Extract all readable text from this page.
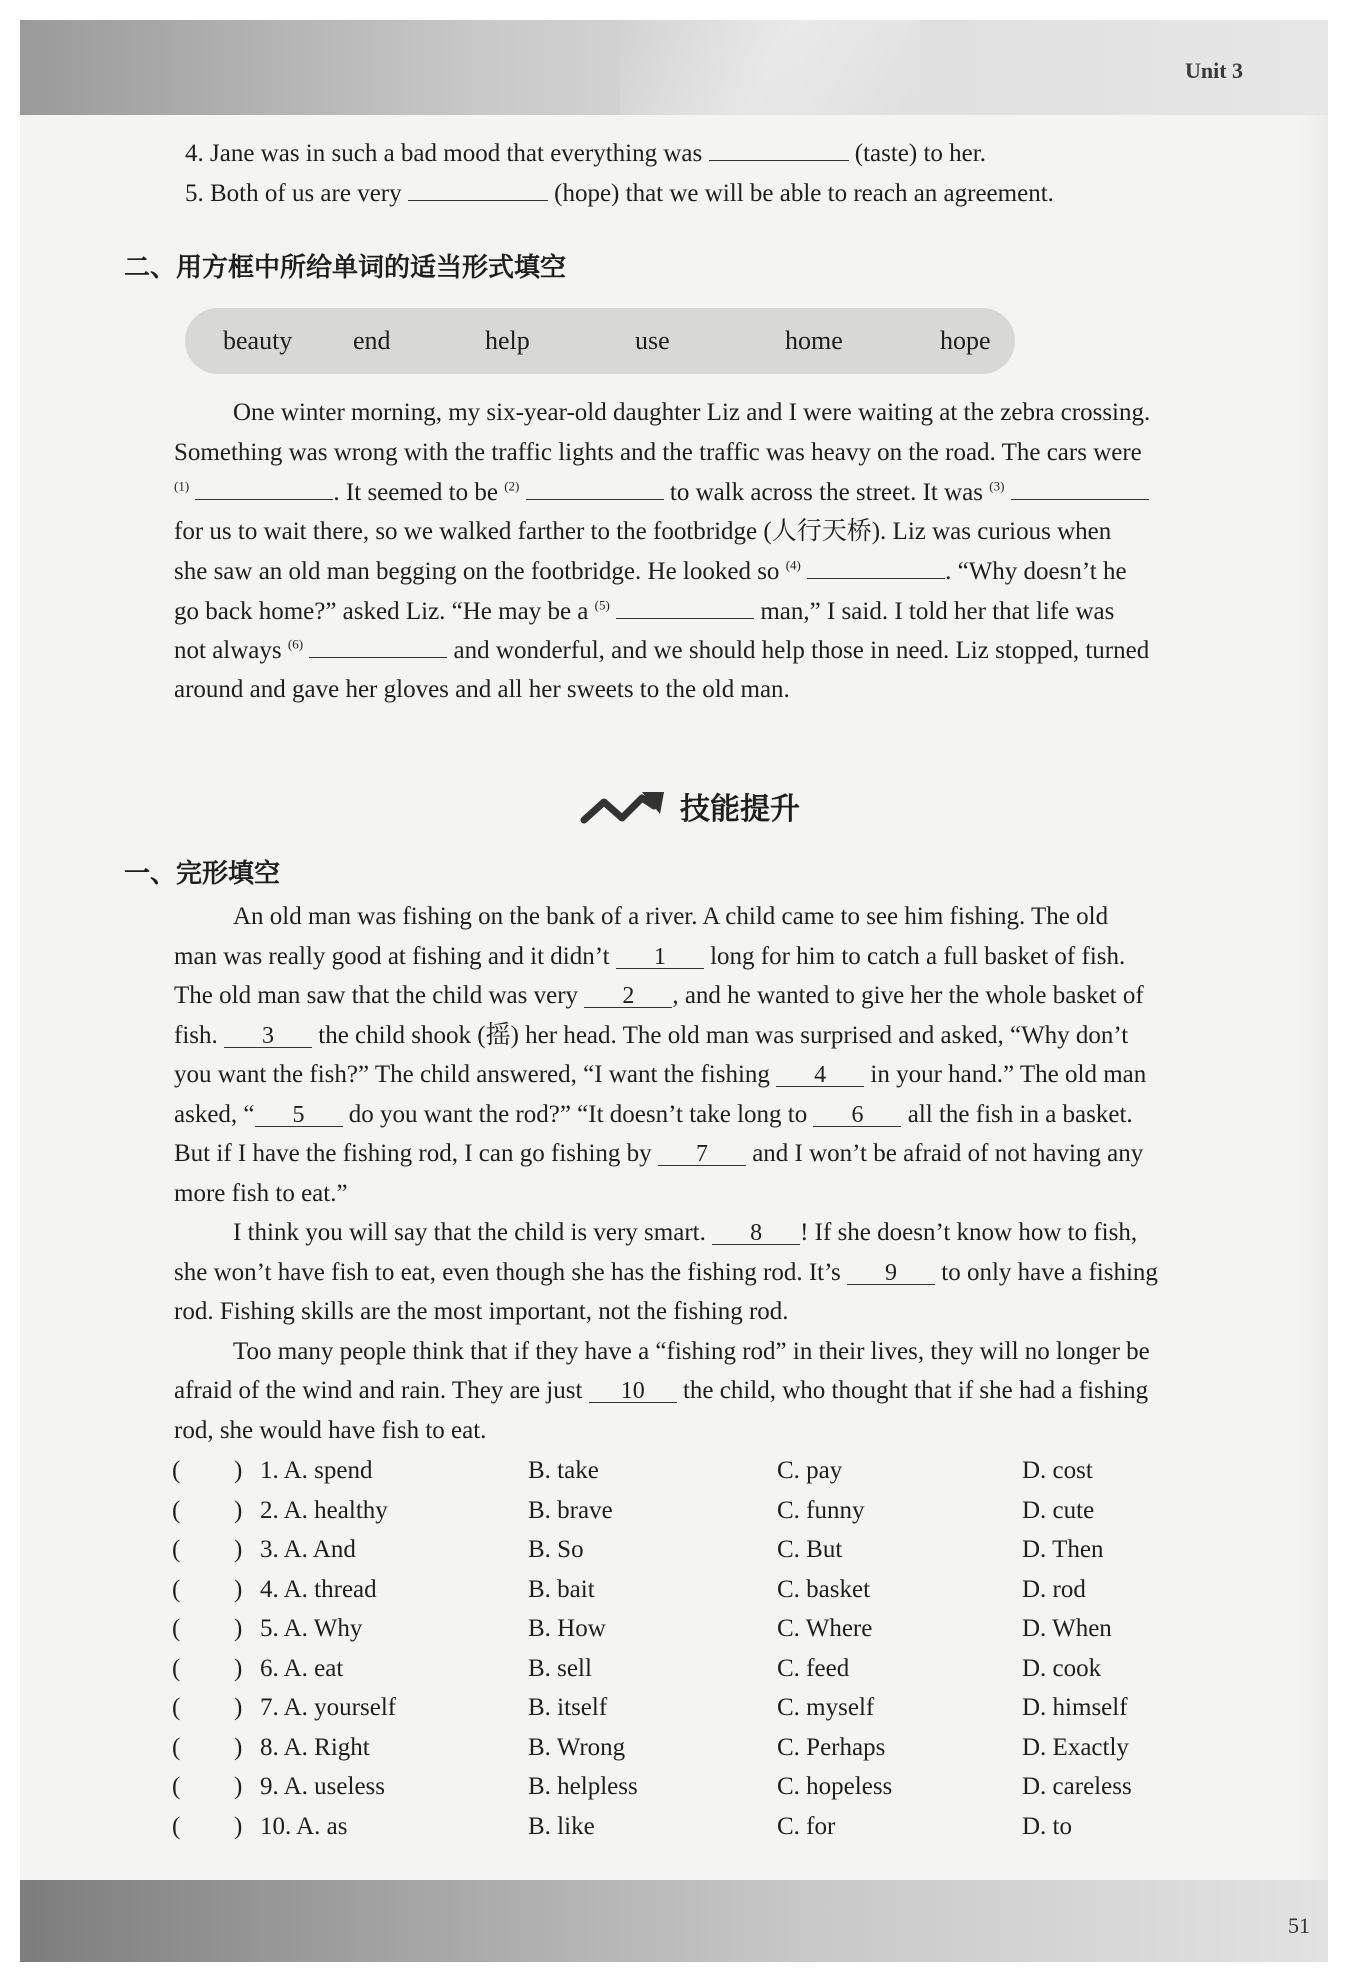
Unit 3
51
4. Jane was in such a bad mood that everything was	(taste) to her.
5. Both of us are very	(hope) that we will be able to reach an agreement.
二、用方框中所给单词的适当形式填空
beauty end	help	use	home	hope
One winter morning, my six-year-old daughter Liz and I were waiting at the zebra crossing.
Something was wrong with the traffic lights and the traffic was heavy on the road. The cars were
$^{(1)}$	. It seemed to be $^{(2)}$	to walk across the street. It was $^{(3)}$
for us to wait there, so we walked farther to the footbridge (人行天桥). Liz was curious when
she saw an old man begging on the footbridge. He looked so $^{(4)}$	. “Why doesn’t he
go back home?” asked Liz. “He may be a $^{(5)}$	man,” I said. I told her that life was
not always $^{(6)}$	and wonderful, and we should help those in need. Liz stopped, turned
around and gave her gloves and all her sweets to the old man.
技能提升
一、完形填空
An old man was fishing on the bank of a river. A child came to see him fishing. The old
man was really good at fishing and it didn’t 1 long for him to catch a full basket of fish.
The old man saw that the child was very 2 , and he wanted to give her the whole basket of
fish. 3 the child shook (摇) her head. The old man was surprised and asked, “Why don’t
you want the fish?” The child answered, “I want the fishing 4 in your hand.” The old man
asked, “ 5 do you want the rod?” “It doesn’t take long to 6 all the fish in a basket.
But if I have the fishing rod, I can go fishing by 7 and I won’t be afraid of not having any
more fish to eat.”
I think you will say that the child is very smart. 8 ! If she doesn’t know how to fish,
she won’t have fish to eat, even though she has the fishing rod. It’s 9 to only have a fishing
rod. Fishing skills are the most important, not the fishing rod.
Too many people think that if they have a “fishing rod” in their lives, they will no longer be
afraid of the wind and rain. They are just 10 the child, who thought that if she had a fishing
rod, she would have fish to eat.
( ) 1. A. spend	B. take	C. pay	D. cost
( ) 2. A. healthy	B. brave	C. funny	D. cute
( ) 3. A. And	B. So	C. But	D. Then
( ) 4. A. thread	B. bait	C. basket	D. rod
( ) 5. A. Why	B. How	C. Where	D. When
( ) 6. A. eat	B. sell	C. feed	D. cook
( ) 7. A. yourself	B. itself	C. myself	D. himself
( ) 8. A. Right	B. Wrong	C. Perhaps	D. Exactly
( ) 9. A. useless	B. helpless	C. hopeless	D. careless
( ) 10. A. as	B. like	C. for	D. to
